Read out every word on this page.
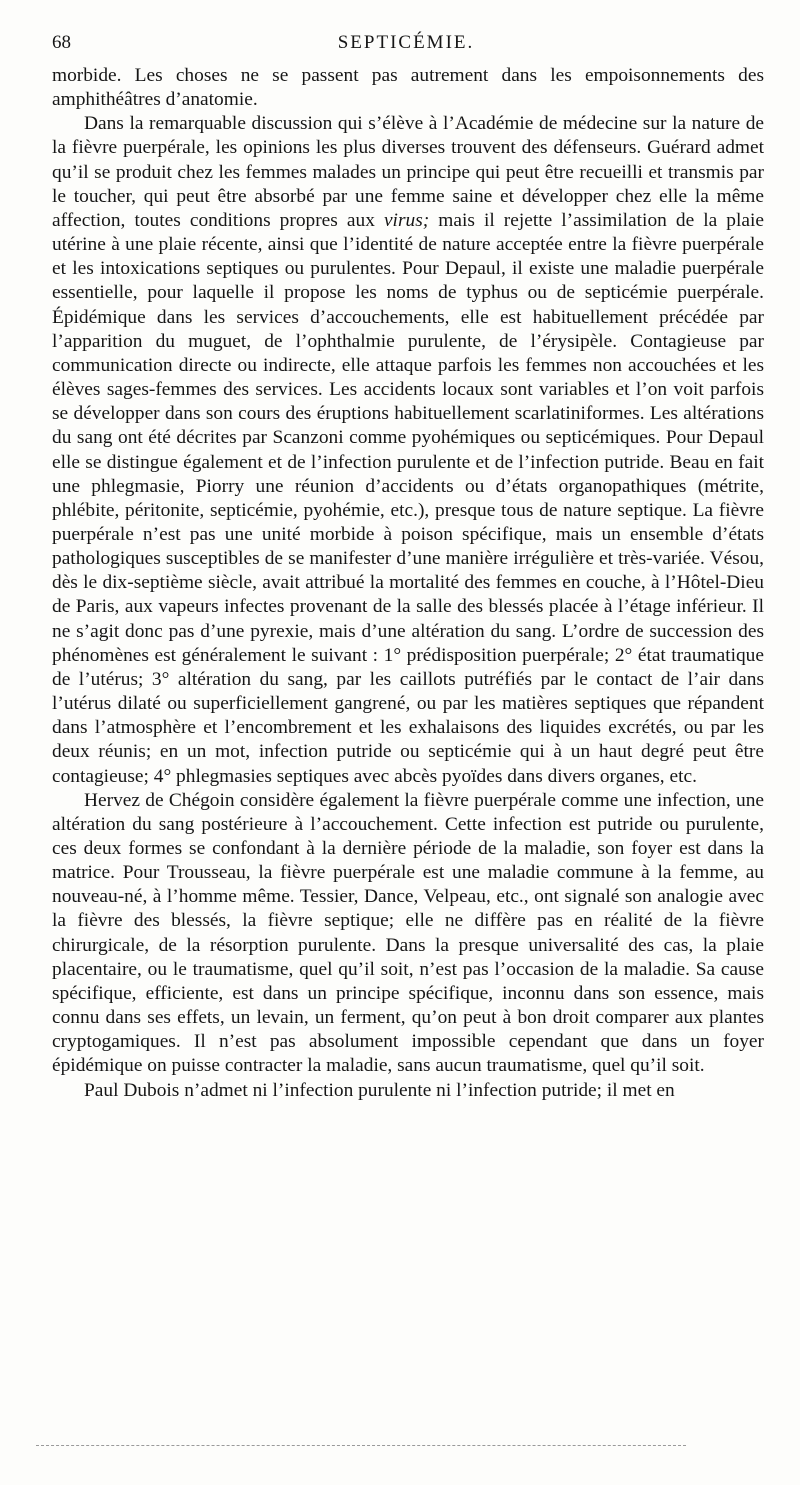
68	SEPTICÉMIE.

morbide. Les choses ne se passent pas autrement dans les empoisonnements des amphithéâtres d’anatomie.

Dans la remarquable discussion qui s’élève à l’Académie de médecine sur la nature de la fièvre puerpérale, les opinions les plus diverses trouvent des défenseurs. Guérard admet qu’il se produit chez les femmes malades un principe qui peut être recueilli et transmis par le toucher, qui peut être absorbé par une femme saine et développer chez elle la même affection, toutes conditions propres aux virus; mais il rejette l’assimilation de la plaie utérine à une plaie récente, ainsi que l’identité de nature acceptée entre la fièvre puerpérale et les intoxications septiques ou purulentes. Pour Depaul, il existe une maladie puerpérale essentielle, pour laquelle il propose les noms de typhus ou de septicémie puerpérale. Épidémique dans les services d’accouchements, elle est habituellement précédée par l’apparition du muguet, de l’ophthalmie purulente, de l’érysipèle. Contagieuse par communication directe ou indirecte, elle attaque parfois les femmes non accouchées et les élèves sages-femmes des services. Les accidents locaux sont variables et l’on voit parfois se développer dans son cours des éruptions habituellement scarlatiniformes. Les altérations du sang ont été décrites par Scanzoni comme pyohémiques ou septicémiques. Pour Depaul elle se distingue également et de l’infection purulente et de l’infection putride. Beau en fait une phlegmasie, Piorry une réunion d’accidents ou d’états organopathiques (métrite, phlébite, péritonite, septicémie, pyohémie, etc.), presque tous de nature septique. La fièvre puerpérale n’est pas une unité morbide à poison spécifique, mais un ensemble d’états pathologiques susceptibles de se manifester d’une manière irrégulière et très-variée. Vésou, dès le dix-septième siècle, avait attribué la mortalité des femmes en couche, à l’Hôtel-Dieu de Paris, aux vapeurs infectes provenant de la salle des blessés placée à l’étage inférieur. Il ne s’agit donc pas d’une pyrexie, mais d’une altération du sang. L’ordre de succession des phénomènes est généralement le suivant : 1° prédisposition puerpérale; 2° état traumatique de l’utérus; 3° altération du sang, par les caillots putréfiés par le contact de l’air dans l’utérus dilaté ou superficiellement gangrené, ou par les matières septiques que répandent dans l’atmosphère et l’encombrement et les exhalaisons des liquides excrétés, ou par les deux réunis; en un mot, infection putride ou septicémie qui à un haut degré peut être contagieuse; 4° phlegmasies septiques avec abcès pyoïdes dans divers organes, etc.

Hervez de Chégoin considère également la fièvre puerpérale comme une infection, une altération du sang postérieure à l’accouchement. Cette infection est putride ou purulente, ces deux formes se confondant à la dernière période de la maladie, son foyer est dans la matrice. Pour Trousseau, la fièvre puerpérale est une maladie commune à la femme, au nouveau-né, à l’homme même. Tessier, Dance, Velpeau, etc., ont signalé son analogie avec la fièvre des blessés, la fièvre septique; elle ne diffère pas en réalité de la fièvre chirurgicale, de la résorption purulente. Dans la presque universalité des cas, la plaie placentaire, ou le traumatisme, quel qu’il soit, n’est pas l’occasion de la maladie. Sa cause spécifique, efficiente, est dans un principe spécifique, inconnu dans son essence, mais connu dans ses effets, un levain, un ferment, qu’on peut à bon droit comparer aux plantes cryptogamiques. Il n’est pas absolument impossible cependant que dans un foyer épidémique on puisse contracter la maladie, sans aucun traumatisme, quel qu’il soit.

Paul Dubois n’admet ni l’infection purulente ni l’infection putride; il met en
